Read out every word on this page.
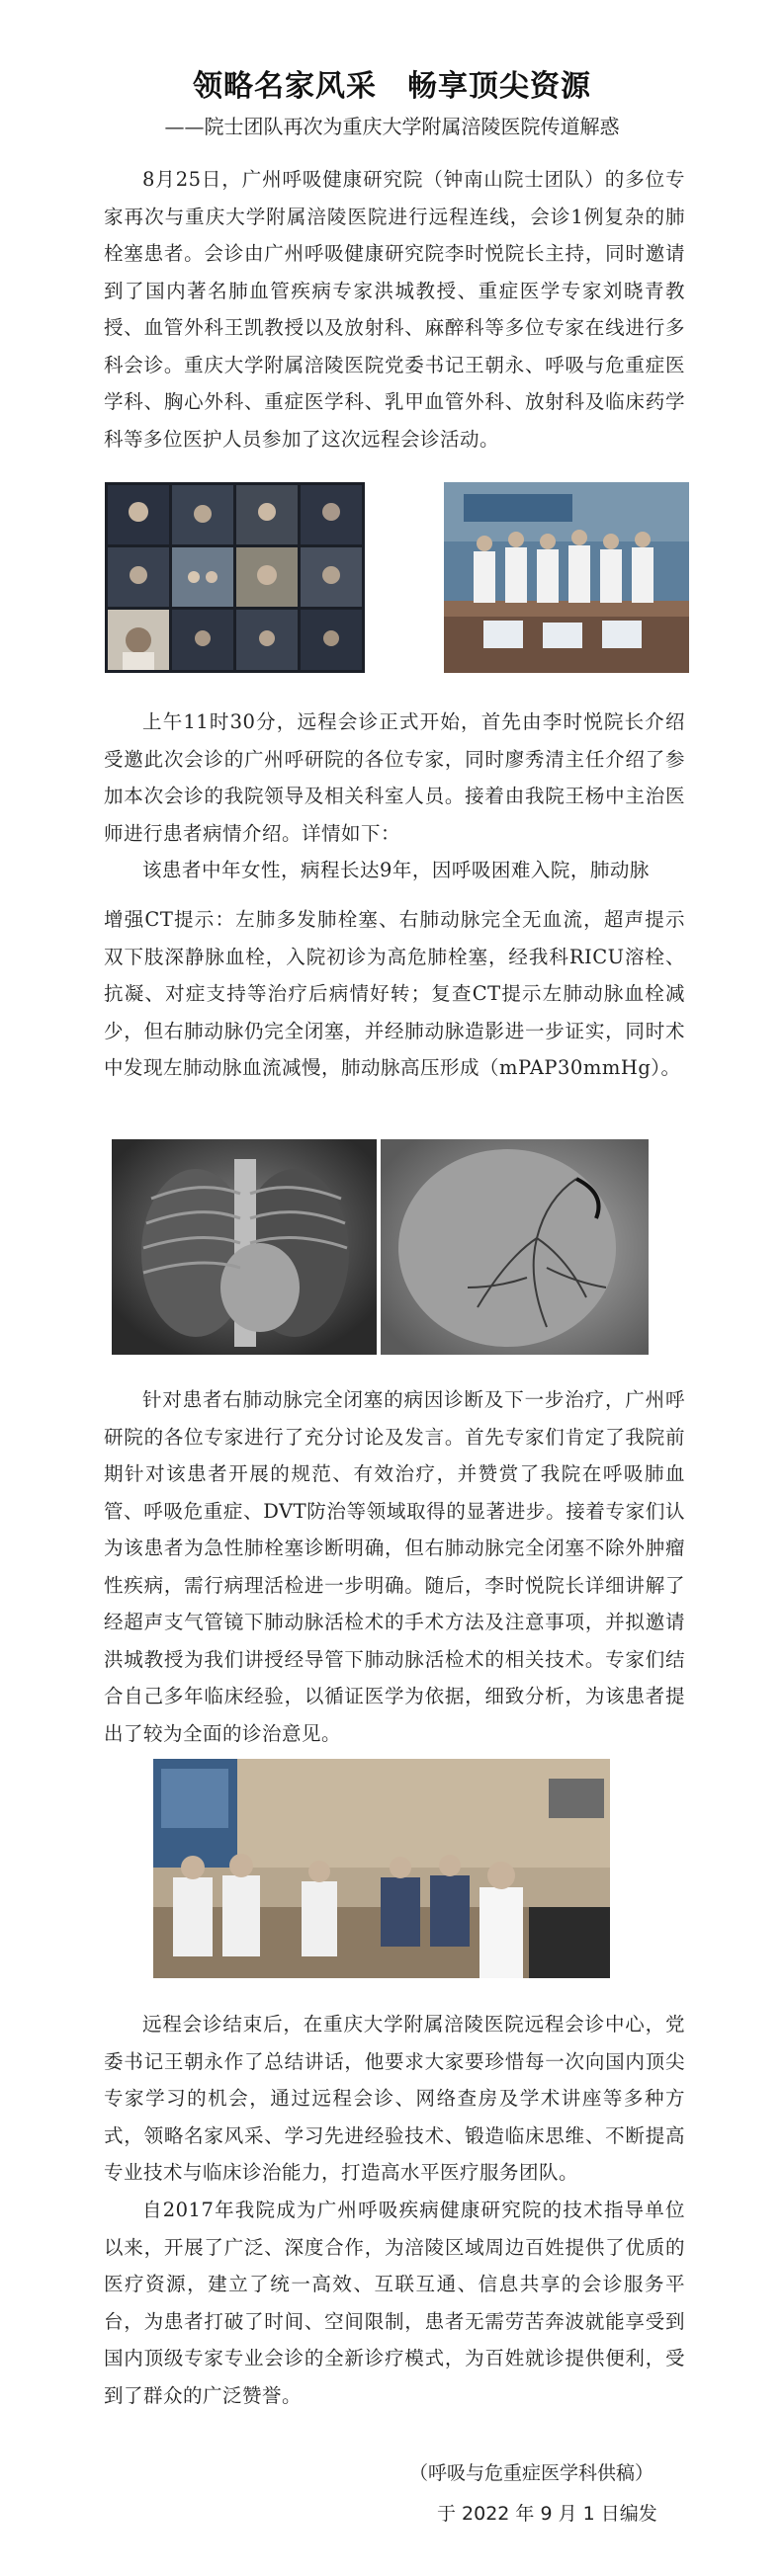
领略名家风采　畅享顶尖资源
——院士团队再次为重庆大学附属涪陵医院传道解惑

8月25日，广州呼吸健康研究院（钟南山院士团队）的多位专家再次与重庆大学附属涪陵医院进行远程连线，会诊1例复杂的肺栓塞患者。会诊由广州呼吸健康研究院李时悦院长主持，同时邀请到了国内著名肺血管疾病专家洪城教授、重症医学专家刘晓青教授、血管外科王凯教授以及放射科、麻醉科等多位专家在线进行多科会诊。重庆大学附属涪陵医院党委书记王朝永、呼吸与危重症医学科、胸心外科、重症医学科、乳甲血管外科、放射科及临床药学科等多位医护人员参加了这次远程会诊活动。

上午11时30分，远程会诊正式开始，首先由李时悦院长介绍受邀此次会诊的广州呼研院的各位专家，同时廖秀清主任介绍了参加本次会诊的我院领导及相关科室人员。接着由我院王杨中主治医师进行患者病情介绍。详情如下：

该患者中年女性，病程长达9年，因呼吸困难入院，肺动脉

增强CT提示：左肺多发肺栓塞、右肺动脉完全无血流，超声提示双下肢深静脉血栓，入院初诊为高危肺栓塞，经我科RICU溶栓、抗凝、对症支持等治疗后病情好转；复查CT提示左肺动脉血栓减少，但右肺动脉仍完全闭塞，并经肺动脉造影进一步证实，同时术中发现左肺动脉血流减慢，肺动脉高压形成（mPAP30mmHg）。

针对患者右肺动脉完全闭塞的病因诊断及下一步治疗，广州呼研院的各位专家进行了充分讨论及发言。首先专家们肯定了我院前期针对该患者开展的规范、有效治疗，并赞赏了我院在呼吸肺血管、呼吸危重症、DVT防治等领域取得的显著进步。接着专家们认为该患者为急性肺栓塞诊断明确，但右肺动脉完全闭塞不除外肿瘤性疾病，需行病理活检进一步明确。随后，李时悦院长详细讲解了经超声支气管镜下肺动脉活检术的手术方法及注意事项，并拟邀请洪城教授为我们讲授经导管下肺动脉活检术的相关技术。专家们结合自己多年临床经验，以循证医学为依据，细致分析，为该患者提出了较为全面的诊治意见。

远程会诊结束后，在重庆大学附属涪陵医院远程会诊中心，党委书记王朝永作了总结讲话，他要求大家要珍惜每一次向国内顶尖专家学习的机会，通过远程会诊、网络查房及学术讲座等多种方式，领略名家风采、学习先进经验技术、锻造临床思维、不断提高专业技术与临床诊治能力，打造高水平医疗服务团队。

自2017年我院成为广州呼吸疾病健康研究院的技术指导单位以来，开展了广泛、深度合作，为涪陵区域周边百姓提供了优质的医疗资源，建立了统一高效、互联互通、信息共享的会诊服务平台，为患者打破了时间、空间限制，患者无需劳苦奔波就能享受到国内顶级专家专业会诊的全新诊疗模式，为百姓就诊提供便利，受到了群众的广泛赞誉。

（呼吸与危重症医学科供稿）
于 2022 年 9 月 1 日编发
